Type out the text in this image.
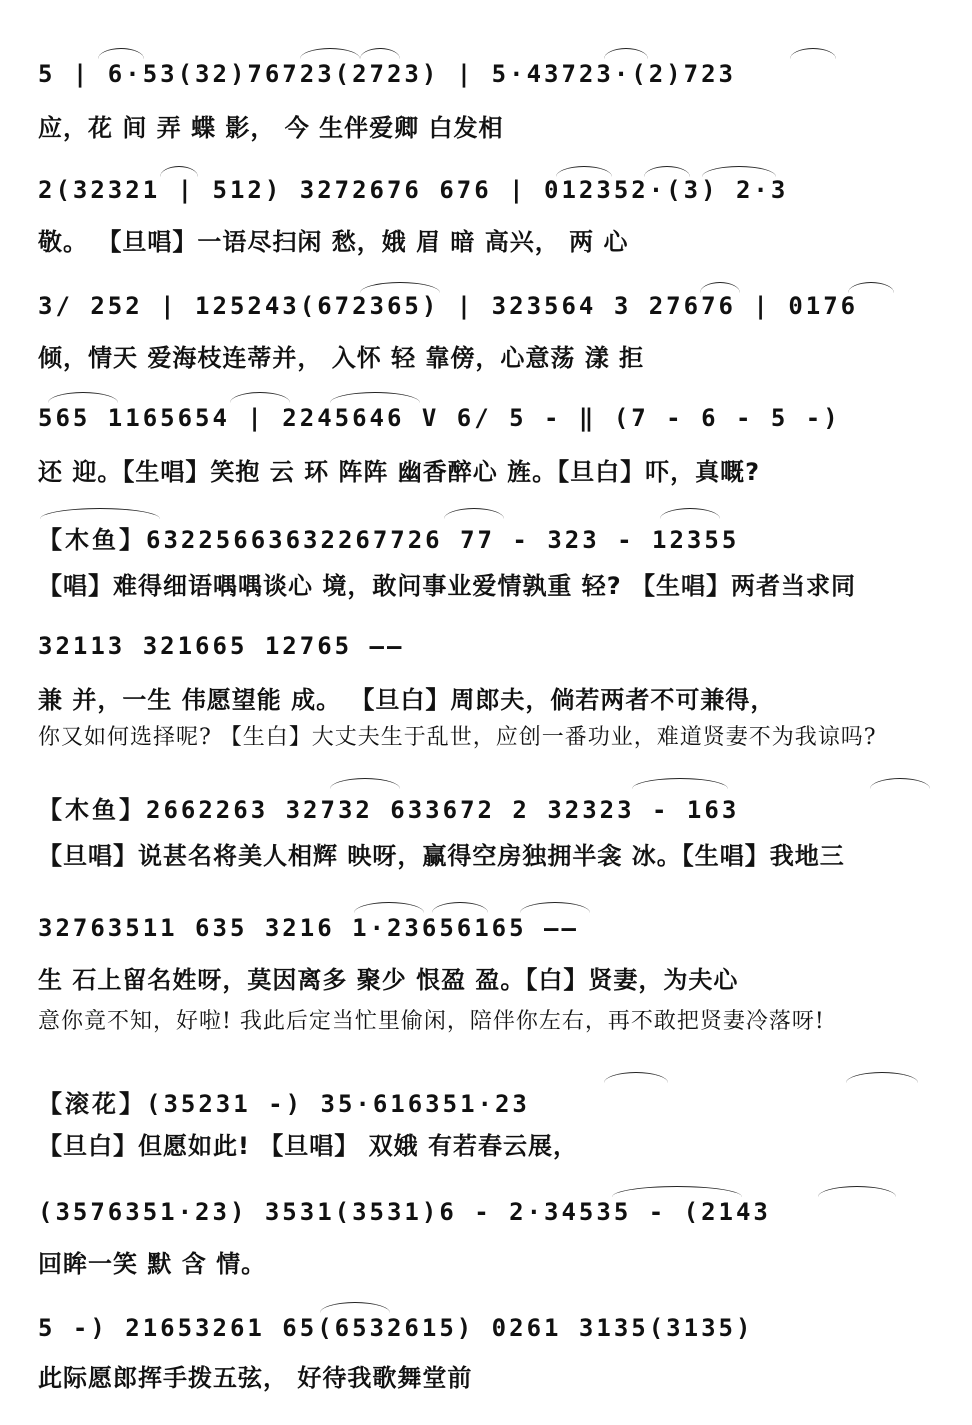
5 | 6·53(32)76723(2723) | 5·43723·(2)723
应，花 间 弄 蝶 影， 今 生伴爱卿 白发相
2(32321 | 512) 3272676 676 | 012352·(3) 2·3
敬。 【旦唱】一语尽扫闲 愁，娥 眉 暗 高兴， 两 心
3/ 252 | 125243(672365) | 323564 3 27676 | 0176
倾，情天 爱海枝连蒂并， 入怀 轻 靠傍，心意荡 漾 拒
565 1165654 | 2245646 V 6/ 5 - ‖ (7 - 6 - 5 -)
还 迎。【生唱】笑抱 云 环 阵阵 幽香醉心 旌。【旦白】吓，真嘅?
【木鱼】63225663632267726 77 - 323 - 12355
【唱】难得细语喁喁谈心 境，敢问事业爱情孰重 轻? 【生唱】两者当求同
32113 321665 12765 ——
兼 并，一生 伟愿望能 成。 【旦白】周郎夫，倘若两者不可兼得，
你又如何选择呢? 【生白】大丈夫生于乱世，应创一番功业，难道贤妻不为我谅吗?
【木鱼】2662263 32732 633672 2 32323 - 163
【旦唱】说甚名将美人相辉 映呀，赢得空房独拥半衾 冰。【生唱】我地三
32763511 635 3216 1·23656165 ——
生 石上留名姓呀，莫因离多 聚少 恨盈 盈。【白】贤妻，为夫心
意你竟不知，好啦! 我此后定当忙里偷闲，陪伴你左右，再不敢把贤妻冷落呀!
【滚花】(35231 -) 35·616351·23
【旦白】但愿如此! 【旦唱】 双娥 有若春云展，
(3576351·23) 3531(3531)6 - 2·34535 - (2143
回眸一笑 默 含 情。
5 -) 21653261 65(6532615) 0261 3135(3135)
此际愿郎挥手拨五弦， 好待我歌舞堂前
